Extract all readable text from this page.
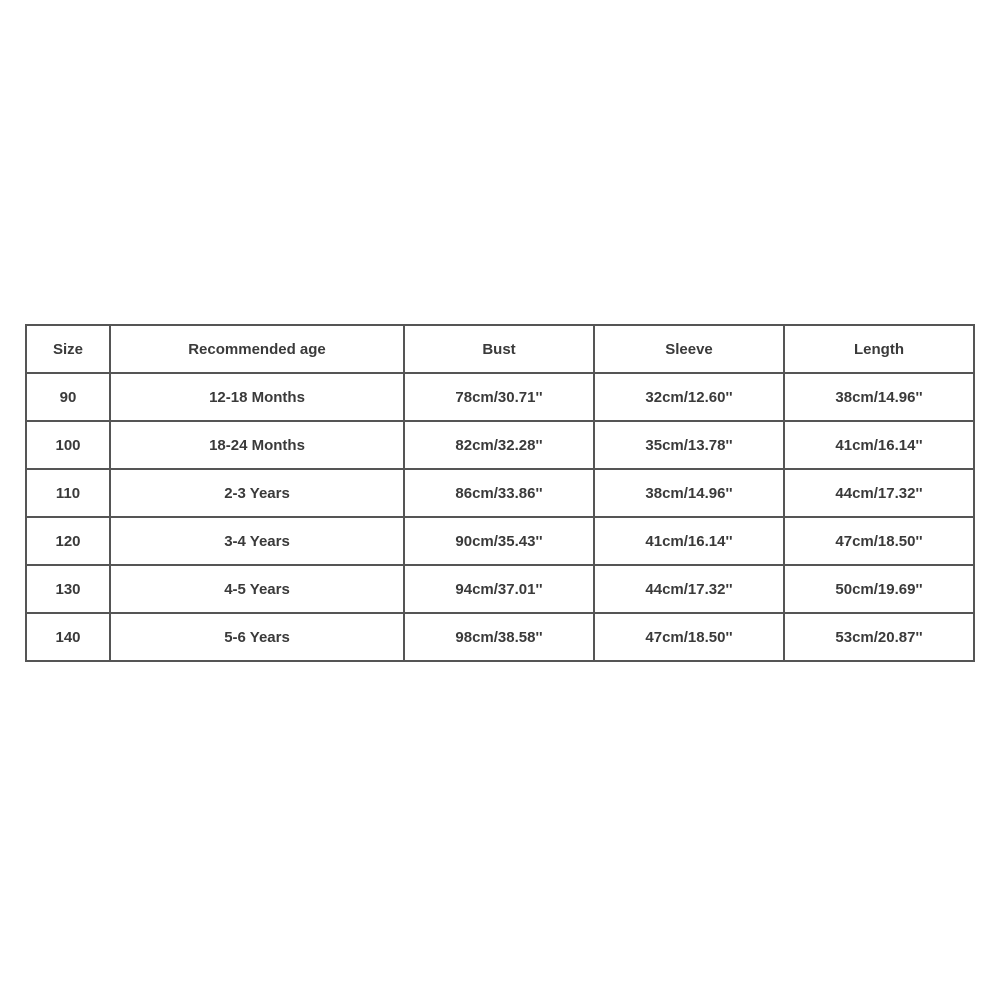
Size	Recommended age	Bust	Sleeve	Length
90	12-18 Months	78cm/30.71''	32cm/12.60''	38cm/14.96''
100	18-24 Months	82cm/32.28''	35cm/13.78''	41cm/16.14''
110	2-3 Years	86cm/33.86''	38cm/14.96''	44cm/17.32''
120	3-4 Years	90cm/35.43''	41cm/16.14''	47cm/18.50''
130	4-5 Years	94cm/37.01''	44cm/17.32''	50cm/19.69''
140	5-6 Years	98cm/38.58''	47cm/18.50''	53cm/20.87''
